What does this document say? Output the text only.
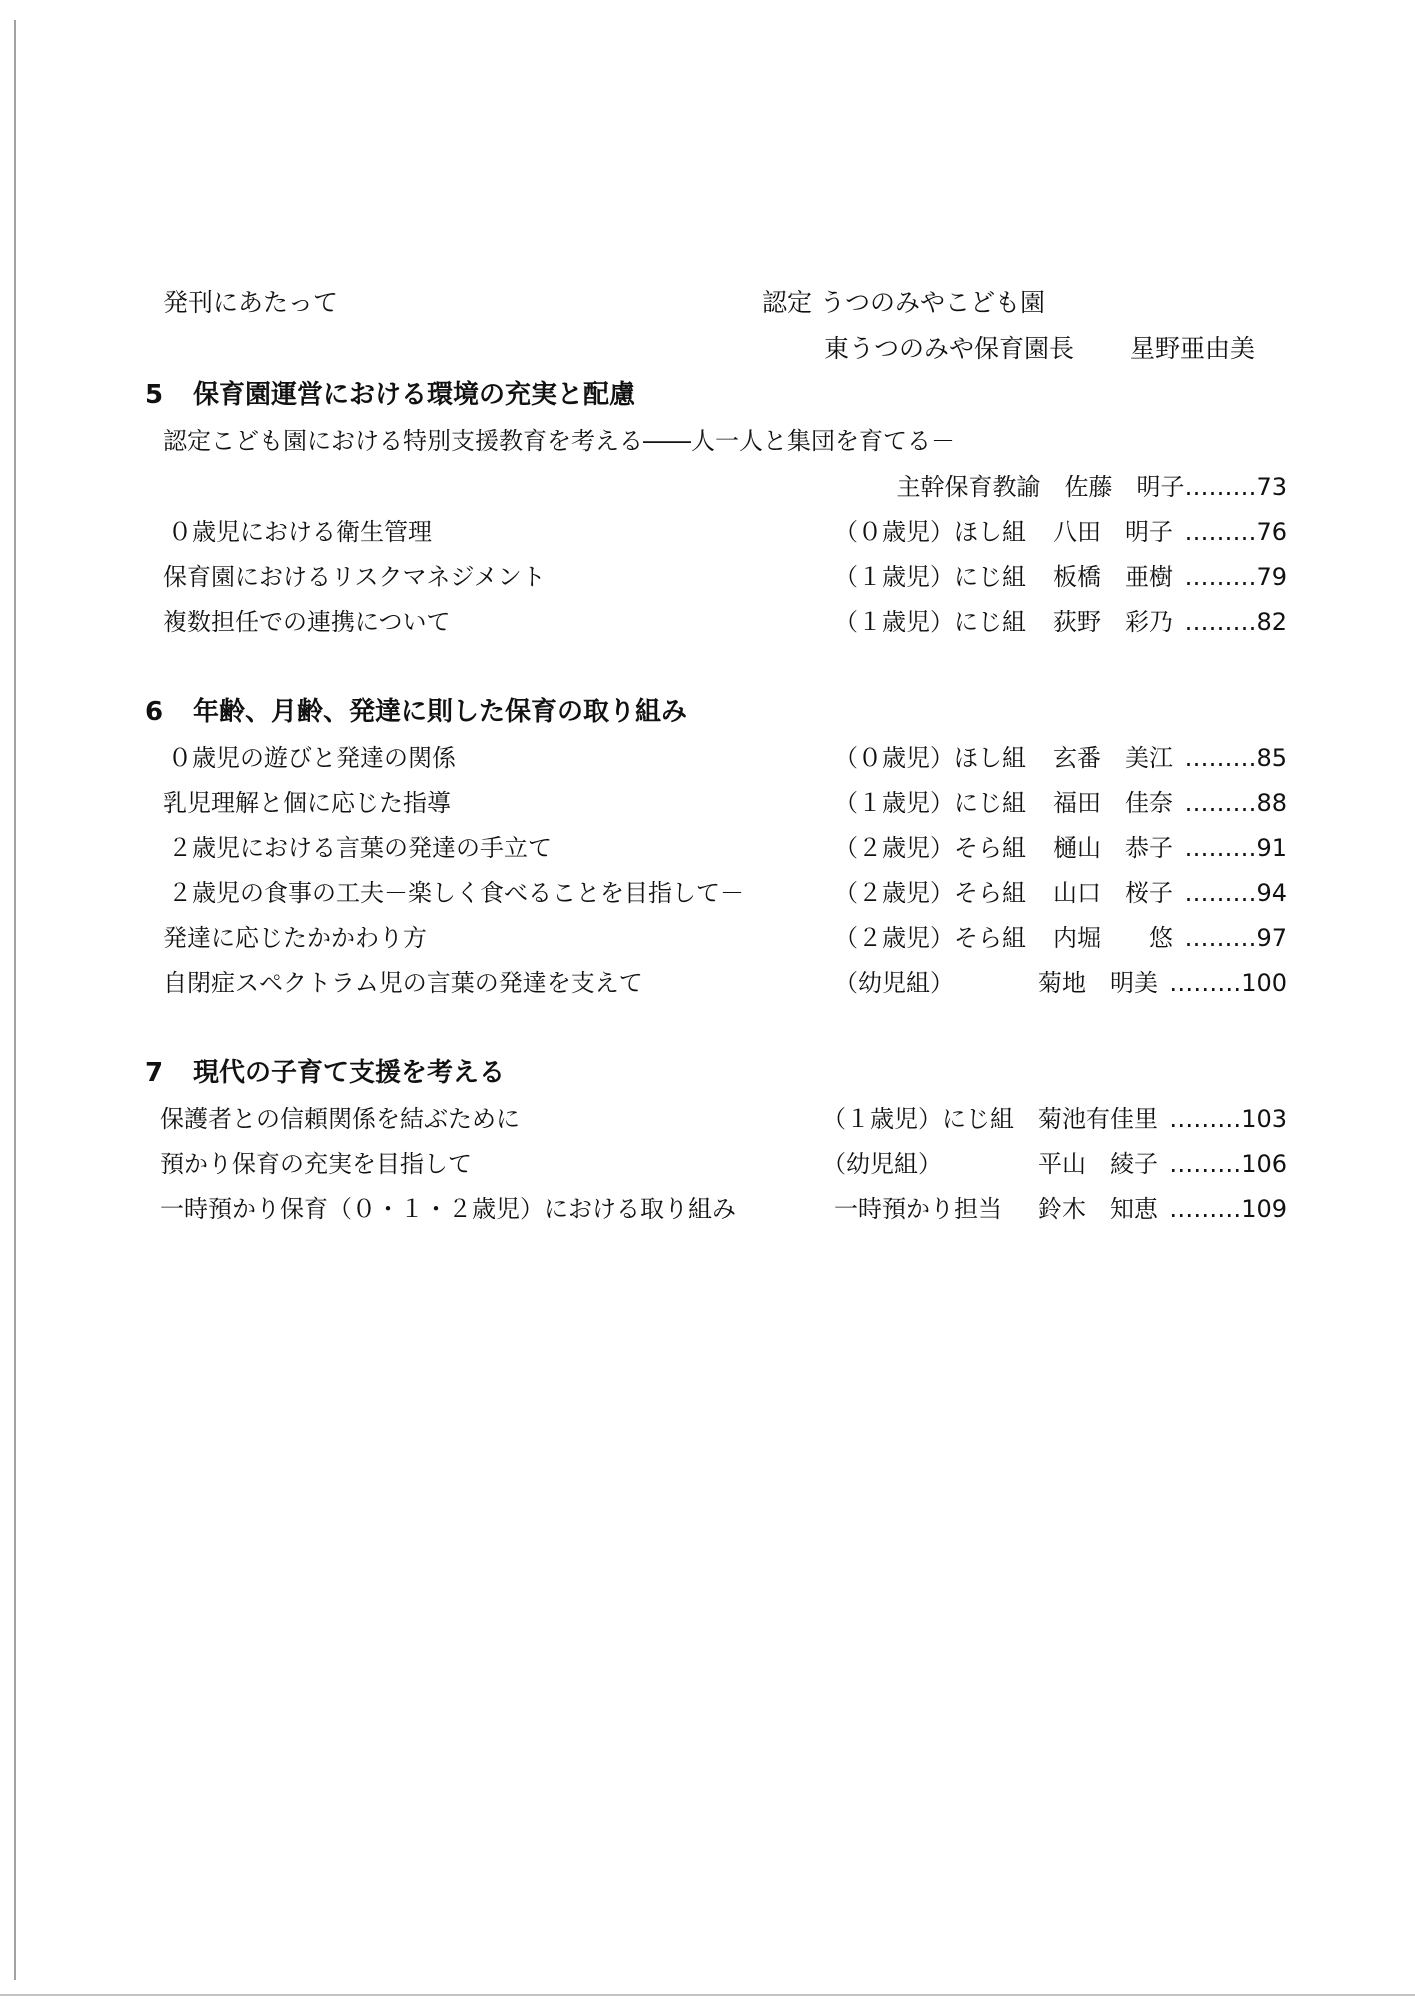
発刊にあたって	認定 うつのみやこども園
東うつのみや保育園長 星野亜由美
5 保育園運営における環境の充実と配慮
認定こども園における特別支援教育を考える――人一人と集団を育てる－
主幹保育教諭　佐藤　明子………73
０歳児における衛生管理	（０歳児）ほし組 八田　明子 ………76
保育園におけるリスクマネジメント	（１歳児）にじ組 板橋　亜樹 ………79
複数担任での連携について	（１歳児）にじ組 荻野　彩乃 ………82
6 年齢、月齢、発達に則した保育の取り組み
０歳児の遊びと発達の関係	（０歳児）ほし組 玄番　美江 ………85
乳児理解と個に応じた指導	（１歳児）にじ組 福田　佳奈 ………88
２歳児における言葉の発達の手立て	（２歳児）そら組 樋山　恭子 ………91
２歳児の食事の工夫－楽しく食べることを目指して－	（２歳児）そら組 山口　桜子 ………94
発達に応じたかかわり方	（２歳児）そら組 内堀　　悠 ………97
自閉症スペクトラム児の言葉の発達を支えて	（幼児組）	菊地　明美 ………100
7 現代の子育て支援を考える
保護者との信頼関係を結ぶために	（１歳児）にじ組 菊池有佳里 ………103
預かり保育の充実を目指して	（幼児組）	平山　綾子 ………106
一時預かり保育（０・１・２歳児）における取り組み	一時預かり担当 鈴木　知恵 ………109
